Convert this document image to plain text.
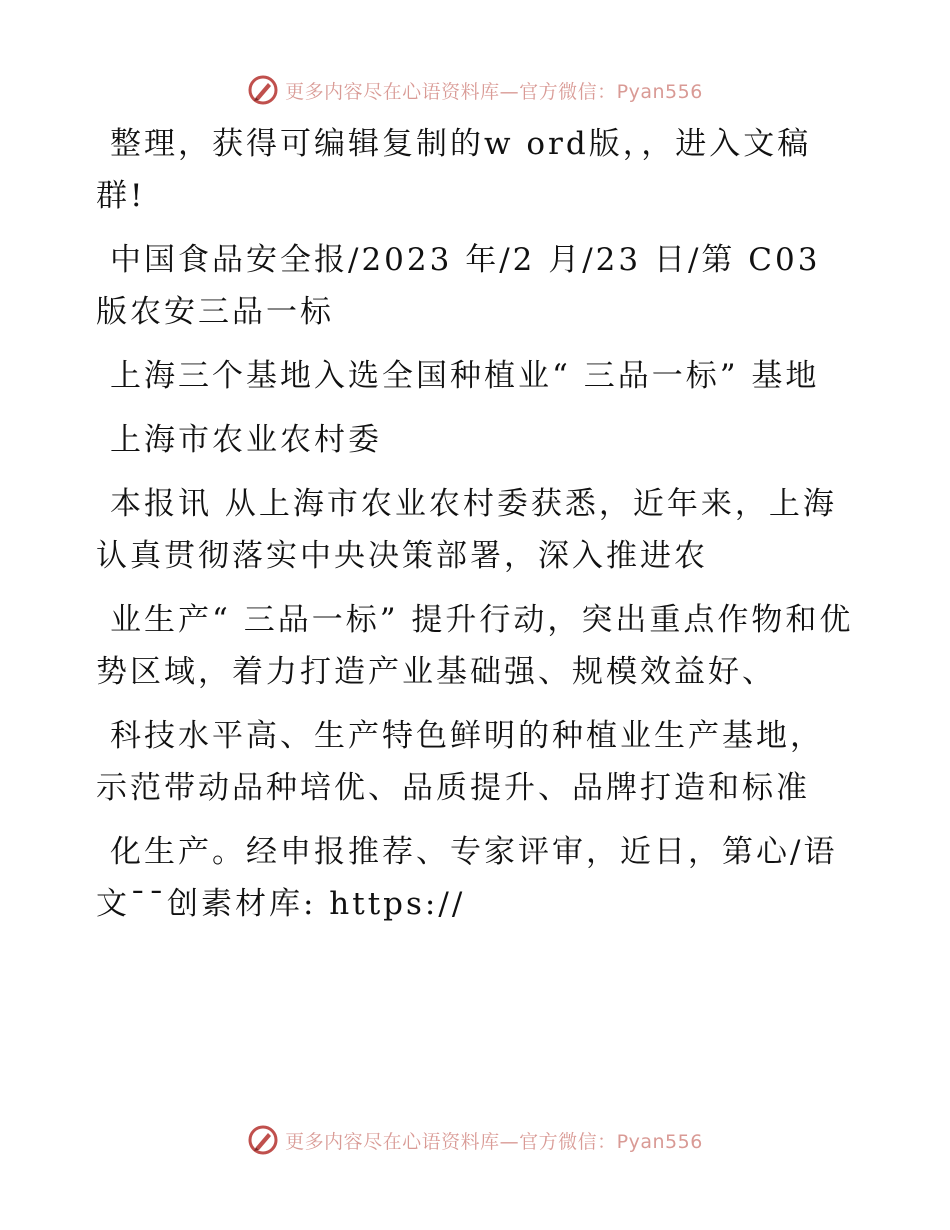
更多内容尽在心语资料库—官方微信：Pyan556

整理，获得可编辑复制的w ord版，，进入文稿群!

中国食品安全报/2023 年/2 月/23 日/第 C03 版农安三品一标

上海三个基地入选全国种植业“ 三品一标” 基地

上海市农业农村委

本报讯 从上海市农业农村委获悉，近年来，上海认真贯彻落实中央决策部署，深入推进农

业生产“ 三品一标” 提升行动，突出重点作物和优势区域，着力打造产业基础强、规模效益好、

科技水平高、生产特色鲜明的种植业生产基地，示范带动品种培优、品质提升、品牌打造和标准

化生产。经申报推荐、专家评审，近日，第心/语文¯¯创素材库: https://

更多内容尽在心语资料库—官方微信：Pyan556
